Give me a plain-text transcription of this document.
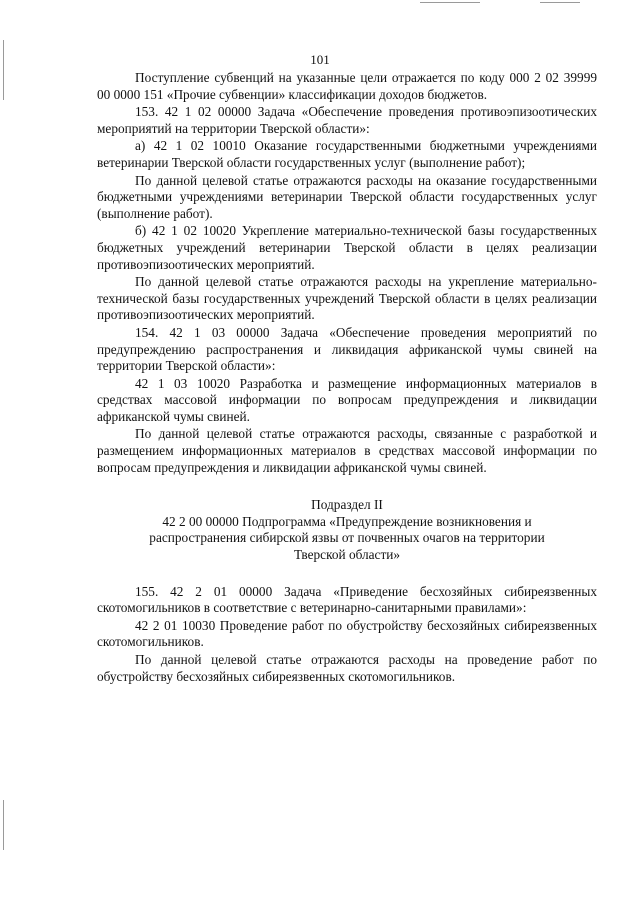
101

Поступление субвенций на указанные цели отражается по коду 000 2 02 39999 00 0000 151 «Прочие субвенции» классификации доходов бюджетов.

153. 42 1 02 00000 Задача «Обеспечение проведения противоэпизоотических мероприятий на территории Тверской области»:

а) 42 1 02 10010 Оказание государственными бюджетными учреждениями ветеринарии Тверской области государственных услуг (выполнение работ);

По данной целевой статье отражаются расходы на оказание государственными бюджетными учреждениями ветеринарии Тверской области государственных услуг (выполнение работ).

б) 42 1 02 10020 Укрепление материально-технической базы государственных бюджетных учреждений ветеринарии Тверской области в целях реализации противоэпизоотических мероприятий.

По данной целевой статье отражаются расходы на укрепление материально-технической базы государственных учреждений Тверской области в целях реализации противоэпизоотических мероприятий.

154. 42 1 03 00000 Задача «Обеспечение проведения мероприятий по предупреждению распространения и ликвидация африканской чумы свиней на территории Тверской области»:

42 1 03 10020 Разработка и размещение информационных материалов в средствах массовой информации по вопросам предупреждения и ликвидации африканской чумы свиней.

По данной целевой статье отражаются расходы, связанные с разработкой и размещением информационных материалов в средствах массовой информации по вопросам предупреждения и ликвидации африканской чумы свиней.

Подраздел II

42 2 00 00000 Подпрограмма «Предупреждение возникновения и

распространения сибирской язвы от почвенных очагов на территории

Тверской области»

155. 42 2 01 00000 Задача «Приведение бесхозяйных сибиреязвенных скотомогильников в соответствие с ветеринарно-санитарными правилами»:

42 2 01 10030 Проведение работ по обустройству бесхозяйных сибиреязвенных скотомогильников.

По данной целевой статье отражаются расходы на проведение работ по обустройству бесхозяйных сибиреязвенных скотомогильников.
